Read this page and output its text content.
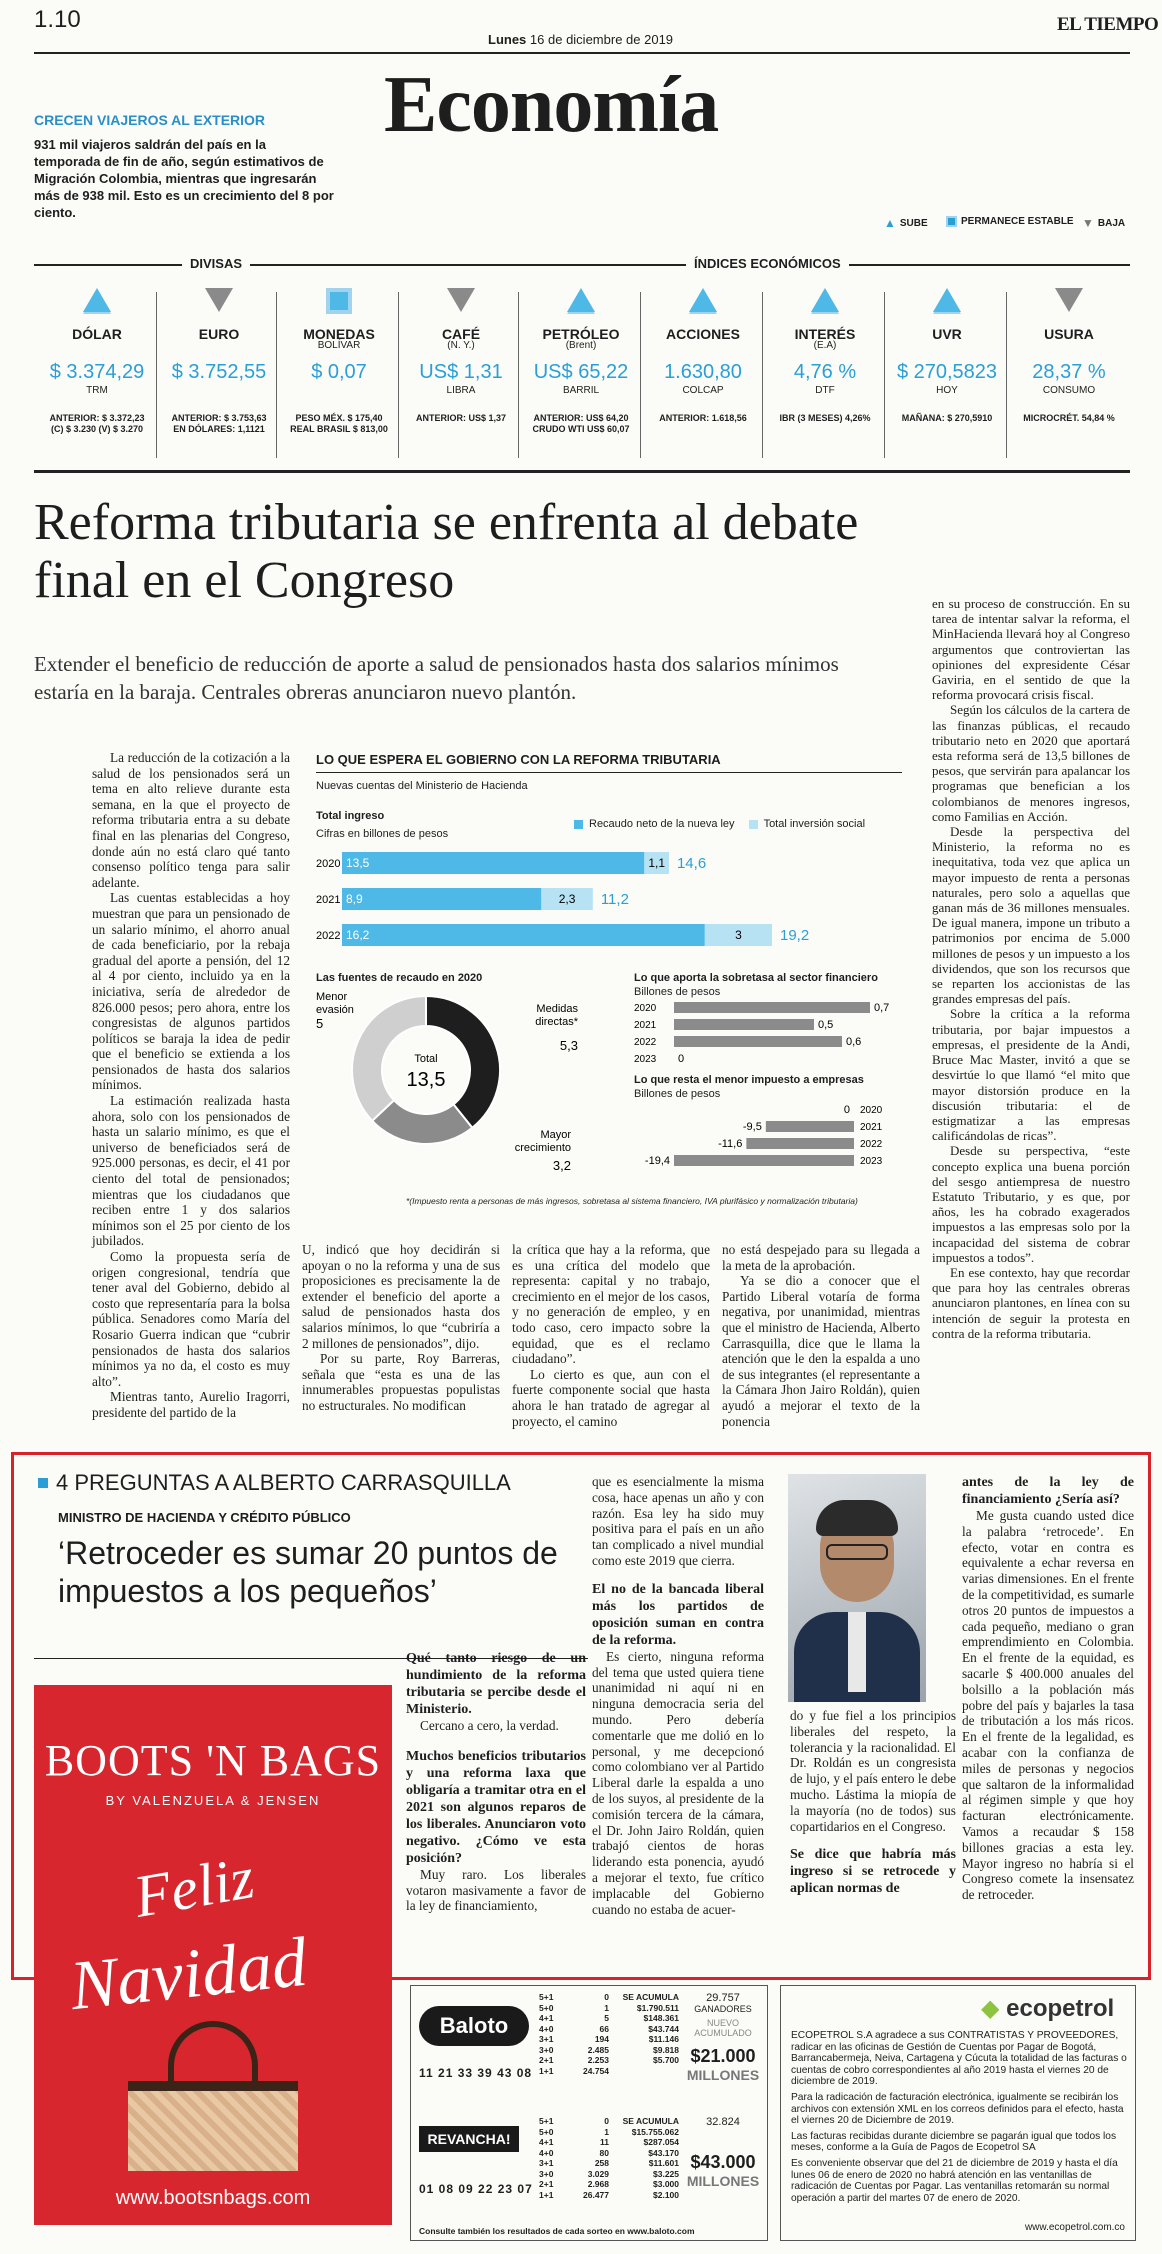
1.10
Lunes 16 de diciembre de 2019
EL TIEMPO
Economía
CRECEN VIAJEROS AL EXTERIOR
931 mil viajeros saldrán del país en la temporada de fin de año, según estimativos de Migración Colombia, mientras que ingresarán más de 938 mil. Esto es un crecimiento del 8 por ciento.
▲ SUBE	PERMANECE ESTABLE ▼ BAJA
DIVISAS	ÍNDICES ECONÓMICOS
DÓLAR
$ 3.374,29
TRM
ANTERIOR: $ 3.372,23
(C) $ 3.230 (V) $ 3.270
EURO
$ 3.752,55
ANTERIOR: $ 3.753,63
EN DÓLARES: 1,1121
MONEDAS
BOLÍVAR
$ 0,07
PESO MÉX. $ 175,40
REAL BRASIL $ 813,00
CAFÉ
(N. Y.)
US$ 1,31
LIBRA
ANTERIOR: US$ 1,37
PETRÓLEO
(Brent)
US$ 65,22
BARRIL
ANTERIOR: US$ 64,20
CRUDO WTI US$ 60,07
ACCIONES
1.630,80
COLCAP
ANTERIOR: 1.618,56
INTERÉS
(E.A)
4,76 %
DTF
IBR (3 MESES) 4,26%
UVR
$ 270,5823
HOY
MAÑANA: $ 270,5910
USURA
28,37 %
CONSUMO
MICROCRÉT. 54,84 %
Reforma tributaria se enfrenta al debate final en el Congreso
Extender el beneficio de reducción de aporte a salud de pensionados hasta dos salarios mínimos estaría en la baraja. Centrales obreras anunciaron nuevo plantón.

La reducción de la cotización a la salud de los pensionados será un tema en alto relieve durante esta semana, en la que el proyecto de reforma tributaria entra a su debate final en las plenarias del Congreso, donde aún no está claro qué tanto consenso político tenga para salir adelante.

Las cuentas establecidas a hoy muestran que para un pensionado de un salario mínimo, el ahorro anual de cada beneficiario, por la rebaja gradual del aporte a pensión, del 12 al 4 por ciento, incluido ya en la iniciativa, sería de alrededor de 826.000 pesos; pero ahora, entre los congresistas de algunos partidos políticos se baraja la idea de pedir que el beneficio se extienda a los pensionados de hasta dos salarios mínimos.

La estimación realizada hasta ahora, solo con los pensionados de hasta un salario mínimo, es que el universo de beneficiados será de 925.000 personas, es decir, el 41 por ciento del total de pensionados; mientras que los ciudadanos que reciben entre 1 y dos salarios mínimos son el 25 por ciento de los jubilados.

Como la propuesta sería de origen congresional, tendría que tener aval del Gobierno, debido al costo que representaría para la bolsa pública. Senadores como María del Rosario Guerra indican que “cubrir pensionados de hasta dos salarios mínimos ya no da, el costo es muy alto”.

Mientras tanto, Aurelio Iragorri, presidente del partido de la

U, indicó que hoy decidirán si apoyan o no la reforma y una de sus proposiciones es precisamente la de extender el beneficio del aporte a salud de pensionados hasta dos salarios mínimos, lo que “cubriría a 2 millones de pensionados”, dijo.

Por su parte, Roy Barreras, señala que “esta es una de las innumerables propuestas populistas no estructurales. No modifican

la crítica que hay a la reforma, que es una crítica del modelo que representa: capital y no trabajo, crecimiento en el mejor de los casos, y no generación de empleo, y en todo caso, cero impacto sobre la equidad, que es el reclamo ciudadano”.

Lo cierto es que, aun con el fuerte componente social que hasta ahora le han tratado de agregar al proyecto, el camino

no está despejado para su llegada a la meta de la aprobación.

Ya se dio a conocer que el Partido Liberal votaría de forma negativa, por unanimidad, mientras que el ministro de Hacienda, Alberto Carrasquilla, dice que le llama la atención que le den la espalda a uno de sus integrantes (el representante a la Cámara Jhon Jairo Roldán), quien ayudó a mejorar el texto de la ponencia

en su proceso de construcción. En su tarea de intentar salvar la reforma, el MinHacienda llevará hoy al Congreso argumentos que controviertan las opiniones del expresidente César Gaviria, en el sentido de que la reforma provocará crisis fiscal.

Según los cálculos de la cartera de las finanzas públicas, el recaudo tributario neto en 2020 que aportará esta reforma será de 13,5 billones de pesos, que servirán para apalancar los programas que benefician a los colombianos de menores ingresos, como Familias en Acción.

Desde la perspectiva del Ministerio, la reforma no es inequitativa, toda vez que aplica un mayor impuesto de renta a personas naturales, pero solo a aquellas que ganan más de 36 millones mensuales. De igual manera, impone un tributo a patrimonios por encima de 5.000 millones de pesos y un impuesto a los dividendos, que son los recursos que se reparten los accionistas de las grandes empresas del país.

Sobre la crítica a la reforma tributaria, por bajar impuestos a empresas, el presidente de la Andi, Bruce Mac Master, invitó a que se desvirtúe lo que llamó “el mito que mayor distorsión produce en la discusión tributaria: el de estigmatizar a las empresas calificándolas de ricas”.

Desde su perspectiva, “este concepto explica una buena porción del sesgo antiempresa de nuestro Estatuto Tributario, y es que, por años, les ha cobrado exagerados impuestos a las empresas solo por la incapacidad del sistema de cobrar impuestos a todos”.

En ese contexto, hay que recordar que para hoy las centrales obreras anunciaron plantones, en línea con su intención de seguir la protesta en contra de la reforma tributaria.

LO QUE ESPERA EL GOBIERNO CON LA REFORMA TRIBUTARIA
Nuevas cuentas del Ministerio de Hacienda
Total ingreso
Cifras en billones de pesos
Recaudo neto de la nueva ley	Total inversión social
2020 13,5	1,1 14,6
2021 8,9	2,3 11,2
2022 16,2	3	19,2
Las fuentes de recaudo en 2020
Medidas
directas*
5,3
Mayor
crecimiento
3,2
Menor
evasión
5
Total
13,5
Lo que aporta la sobretasa al sector financiero
Billones de pesos
2020	0,7
2021	0,5
2022	0,6
2023 0
Lo que resta el menor impuesto a empresas
Billones de pesos
0 2020
-9,5	2021
-11,6	2022
-19,4	2023
*(Impuesto renta a personas de más ingresos, sobretasa al sistema financiero, IVA plurifásico y normalización tributaria)
4 PREGUNTAS A ALBERTO CARRASQUILLA
MINISTRO DE HACIENDA Y CRÉDITO PÚBLICO
‘Retroceder es sumar 20 puntos de impuestos a los pequeños’
Qué tanto riesgo de un hundimiento de la reforma tributaria se percibe desde el Ministerio.

Cercano a cero, la verdad.

Muchos beneficios tributarios y una reforma laxa que obligaría a tramitar otra en el 2021 son algunos reparos de los liberales. Anunciaron voto negativo. ¿Cómo ve esta posición?

Muy raro. Los liberales votaron masivamente a favor de la ley de financiamiento,

que es esencialmente la misma cosa, hace apenas un año y con razón. Esa ley ha sido muy positiva para el país en un año tan complicado a nivel mundial como este 2019 que cierra.

El no de la bancada liberal más los partidos de oposición suman en contra de la reforma.

Es cierto, ninguna reforma del tema que usted quiera tiene unanimidad ni aquí ni en ninguna democracia seria del mundo. Pero debería comentarle que me dolió en lo personal, y me decepcionó como colombiano ver al Partido Liberal darle la espalda a uno de los suyos, al presidente de la comisión tercera de la cámara, el Dr. John Jairo Roldán, quien trabajó cientos de horas liderando esta ponencia, ayudó a mejorar el texto, fue crítico implacable del Gobierno cuando no estaba de acuer-

do y fue fiel a los principios liberales del respeto, la tolerancia y la racionalidad. El Dr. Roldán es un congresista de lujo, y el país entero le debe mucho. Lástima la miopía de la mayoría (no de todos) sus copartidarios en el Congreso.

Se dice que habría más ingreso si se retrocede y aplican normas de
antes de la ley de financiamiento ¿Sería así?

Me gusta cuando usted dice la palabra ‘retrocede’. En efecto, votar en contra es equivalente a echar reversa en varias dimensiones. En el frente de la competitividad, es sumarle otros 20 puntos de impuestos a cada pequeño, mediano o gran emprendimiento en Colombia. En el frente de la equidad, es sacarle $ 400.000 anuales del bolsillo a la población más pobre del país y bajarles la tasa de tributación a los más ricos. En el frente de la legalidad, es acabar con la confianza de miles de personas y negocios que saltaron de la informalidad al régimen simple y que hoy facturan electrónicamente. Vamos a recaudar $ 158 billones gracias a esta ley. Mayor ingreso no habría si el Congreso comete la insensatez de retroceder.

BOOTS 'N BAGS
BY VALENZUELA & JENSEN
Feliz
Navidad
www.bootsnbags.com
Baloto
11 21 33 39 43 08
5+1	0	SE ACUMULA
5+0	1	$1.790.511
4+1	5	$148.361
4+0	66	$43.744
3+1	194	$11.146
3+0	2.485	$9.818
2+1	2.253	$5.700
1+1	24.754
29.757
GANADORES
NUEVO ACUMULADO
$21.000
MILLONES
REVANCHA!
01 08 09 22 23 07
5+1	0	SE ACUMULA
5+0	1	$15.755.062
4+1	11	$287.054
4+0	80	$43.170
3+1	258	$11.601
3+0	3.029	$3.225
2+1	2.968	$3.000
1+1	26.477	$2.100
32.824
$43.000
MILLONES
Consulte también los resultados de cada sorteo en www.baloto.com
◆ ecopetrol

ECOPETROL S.A agradece a sus CONTRATISTAS Y PROVEEDORES, radicar en las oficinas de Gestión de Cuentas por Pagar de Bogotá, Barrancabermeja, Neiva, Cartagena y Cúcuta la totalidad de las facturas o cuentas de cobro correspondientes al año 2019 hasta el viernes 20 de diciembre de 2019.

Para la radicación de facturación electrónica, igualmente se recibirán los archivos con extensión XML en los correos definidos para el efecto, hasta el viernes 20 de Diciembre de 2019.

Las facturas recibidas durante diciembre se pagarán igual que todos los meses, conforme a la Guía de Pagos de Ecopetrol SA

Es conveniente observar que del 21 de diciembre de 2019 y hasta el día lunes 06 de enero de 2020 no habrá atención en las ventanillas de radicación de Cuentas por Pagar. Las ventanillas retomarán su normal operación a partir del martes 07 de enero de 2020.

www.ecopetrol.com.co
